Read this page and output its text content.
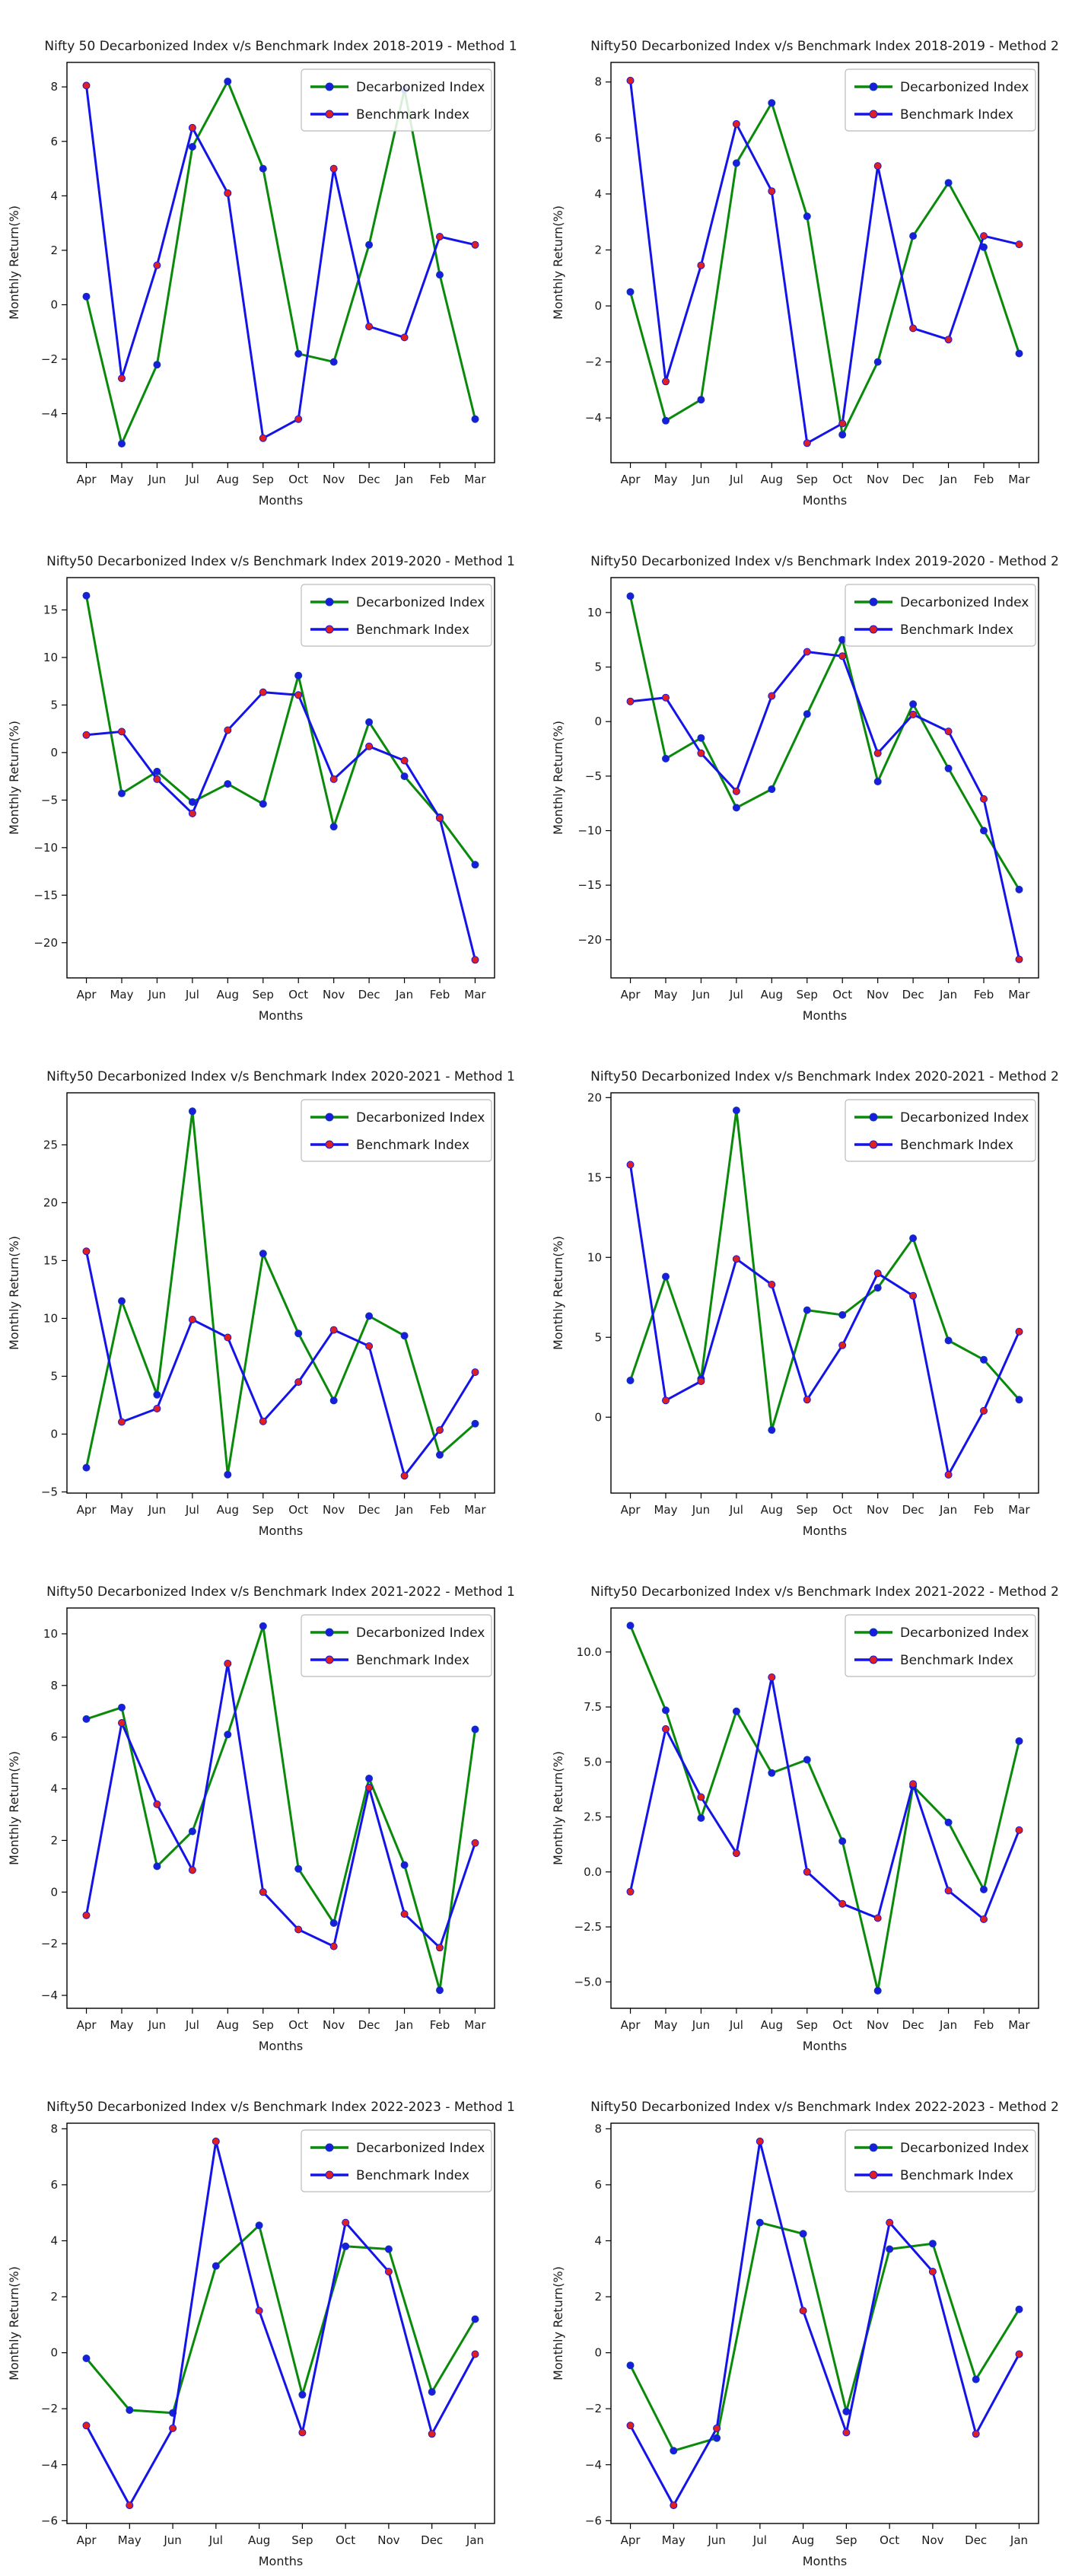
Nifty 50 Decarbonized Index v/s Benchmark Index 2018-2019 - Method 1
8
6
4
2
0
−2
−4
Apr May Jun Jul Aug Sep Oct Nov Dec Jan Feb Mar
Months
Monthly Return(%)
Decarbonized Index
Benchmark Index
Nifty50 Decarbonized Index v/s Benchmark Index 2018-2019 - Method 2
8
6
4
2
0
−2
−4
Apr May Jun Jul Aug Sep Oct Nov Dec Jan Feb Mar
Months
Monthly Return(%)
Decarbonized Index
Benchmark Index
Nifty50 Decarbonized Index v/s Benchmark Index 2019-2020 - Method 1
15
10
5
0
−5
−10
−15
−20
Apr May Jun Jul Aug Sep Oct Nov Dec Jan Feb Mar
Months
Monthly Return(%)
Decarbonized Index
Benchmark Index
Nifty50 Decarbonized Index v/s Benchmark Index 2019-2020 - Method 2
10
5
0
−5
−10
−15
−20
Apr May Jun Jul Aug Sep Oct Nov Dec Jan Feb Mar
Months
Monthly Return(%)
Decarbonized Index
Benchmark Index
Nifty50 Decarbonized Index v/s Benchmark Index 2020-2021 - Method 1
25
20
15
10
5
0
−5
Apr May Jun Jul Aug Sep Oct Nov Dec Jan Feb Mar
Months
Monthly Return(%)
Decarbonized Index
Benchmark Index
Nifty50 Decarbonized Index v/s Benchmark Index 2020-2021 - Method 2
20
15
10
5
0
Apr May Jun Jul Aug Sep Oct Nov Dec Jan Feb Mar
Months
Monthly Return(%)
Decarbonized Index
Benchmark Index
Nifty50 Decarbonized Index v/s Benchmark Index 2021-2022 - Method 1
10
8
6
4
2
0
−2
−4
Apr May Jun Jul Aug Sep Oct Nov Dec Jan Feb Mar
Months
Monthly Return(%)
Decarbonized Index
Benchmark Index
Nifty50 Decarbonized Index v/s Benchmark Index 2021-2022 - Method 2
10.0
7.5
5.0
2.5
0.0
−2.5
−5.0
Apr May Jun Jul Aug Sep Oct Nov Dec Jan Feb Mar
Months
Monthly Return(%)
Decarbonized Index
Benchmark Index
Nifty50 Decarbonized Index v/s Benchmark Index 2022-2023 - Method 1
8
6
4
2
0
−2
−4
−6
Apr May Jun Jul Aug Sep Oct Nov Dec Jan
Months
Monthly Return(%)
Decarbonized Index
Benchmark Index
Nifty50 Decarbonized Index v/s Benchmark Index 2022-2023 - Method 2
8
6
4
2
0
−2
−4
−6
Apr May Jun Jul Aug Sep Oct Nov Dec Jan
Months
Monthly Return(%)
Decarbonized Index
Benchmark Index
